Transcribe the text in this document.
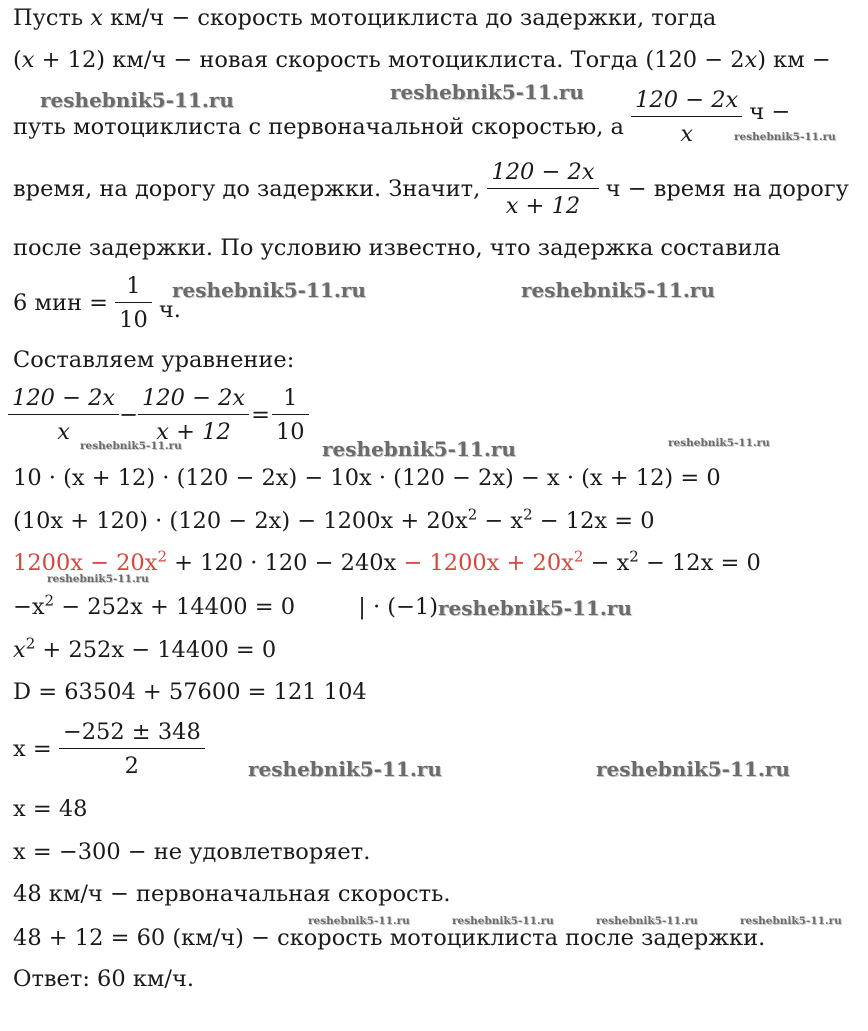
Пусть x км/ч − скорость мотоциклиста до задержки, тогда
(x + 12) км/ч − новая скорость мотоциклиста. Тогда (120 − 2x) км −
путь мотоциклиста с первоначальной скоростью, а $\frac{120 - 2x}{x}$ ч −
время, на дорогу до задержки. Значит, $\frac{120 - 2x}{x + 12}$ ч − время на дорогу
после задержки. По условию известно, что задержка составила
6 мин = $\frac{1}{10} ч$.
Составляем уравнение:
$\frac{120 - 2x}{x} - \frac{120 - 2x}{x + 12} = \frac{1}{10}$
10 · (x + 12) · (120 − 2x) − 10x · (120 − 2x) − x · (x + 12) = 0
$(10x + 120) \cdot (120 - 2x) - 1200x + 20x^2 - x^2 - 12x = 0$
$1200x - 20x^2 + 120 \cdot 120 - 240x - 1200x + 20x^2 - x^2 - 12x = 0$
$-x^2 - 252x + 14400 = 0$	| · (−1)
$x^2 + 252x - 14400 = 0$
D = 63504 + 57600 = 121 104
$x = \frac{-252 \pm 348}{2}$
x = 48
x = −300 − не удовлетворяет.
48 км/ч − первоначальная скорость.
48 + 12 = 60 (км/ч) − скорость мотоциклиста после задержки.
Ответ: 60 км/ч.
reshebnik5-11.ru	reshebnik5-11.ru
reshebnik5-11.ru
reshebnik5-11.ru	reshebnik5-11.ru
reshebnik5-11.ru	reshebnik5-11.ru	reshebnik5-11.ru
reshebnik5-11.ru
reshebnik5-11.ru
reshebnik5-11.ru	reshebnik5-11.ru
reshebnik5-11.ru	reshebnik5-11.ru	reshebnik5-11.ru	reshebnik5-11.ru
